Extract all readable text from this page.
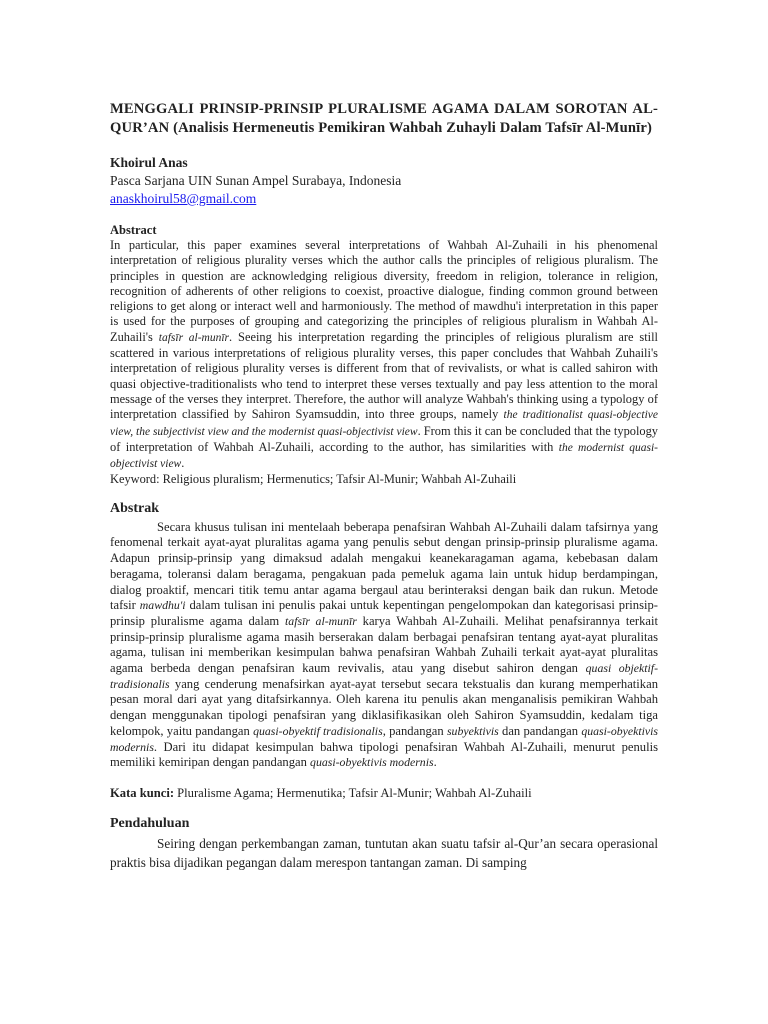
MENGGALI PRINSIP-PRINSIP PLURALISME AGAMA DALAM SOROTAN AL-QUR’AN (Analisis Hermeneutis Pemikiran Wahbah Zuhayli Dalam Tafsīr Al-Munīr)

Khoirul Anas

Pasca Sarjana UIN Sunan Ampel Surabaya, Indonesia

anaskhoirul58@gmail.com

Abstract

In particular, this paper examines several interpretations of Wahbah Al-Zuhaili in his phenomenal interpretation of religious plurality verses which the author calls the principles of religious pluralism. The principles in question are acknowledging religious diversity, freedom in religion, tolerance in religion, recognition of adherents of other religions to coexist, proactive dialogue, finding common ground between religions to get along or interact well and harmoniously. The method of mawdhu'i interpretation in this paper is used for the purposes of grouping and categorizing the principles of religious pluralism in Wahbah Al-Zuhaili's tafsīr al-munīr. Seeing his interpretation regarding the principles of religious pluralism are still scattered in various interpretations of religious plurality verses, this paper concludes that Wahbah Zuhaili's interpretation of religious plurality verses is different from that of revivalists, or what is called sahiron with quasi objective-traditionalists who tend to interpret these verses textually and pay less attention to the moral message of the verses they interpret. Therefore, the author will analyze Wahbah's thinking using a typology of interpretation classified by Sahiron Syamsuddin, into three groups, namely the traditionalist quasi-objective view, the subjectivist view and the modernist quasi-objectivist view. From this it can be concluded that the typology of interpretation of Wahbah Al-Zuhaili, according to the author, has similarities with the modernist quasi-objectivist view.

Keyword: Religious pluralism; Hermenutics; Tafsir Al-Munir; Wahbah Al-Zuhaili

Abstrak

Secara khusus tulisan ini mentelaah beberapa penafsiran Wahbah Al-Zuhaili dalam tafsirnya yang fenomenal terkait ayat-ayat pluralitas agama yang penulis sebut dengan prinsip-prinsip pluralisme agama. Adapun prinsip-prinsip yang dimaksud adalah mengakui keanekaragaman agama, kebebasan dalam beragama, toleransi dalam beragama, pengakuan pada pemeluk agama lain untuk hidup berdampingan, dialog proaktif, mencari titik temu antar agama bergaul atau berinteraksi dengan baik dan rukun. Metode tafsir mawdhu'i dalam tulisan ini penulis pakai untuk kepentingan pengelompokan dan kategorisasi prinsip-prinsip pluralisme agama dalam tafsīr al-munīr karya Wahbah Al-Zuhaili. Melihat penafsirannya terkait prinsip-prinsip pluralisme agama masih berserakan dalam berbagai penafsiran tentang ayat-ayat pluralitas agama, tulisan ini memberikan kesimpulan bahwa penafsiran Wahbah Zuhaili terkait ayat-ayat pluralitas agama berbeda dengan penafsiran kaum revivalis, atau yang disebut sahiron dengan quasi objektif-tradisionalis yang cenderung menafsirkan ayat-ayat tersebut secara tekstualis dan kurang memperhatikan pesan moral dari ayat yang ditafsirkannya. Oleh karena itu penulis akan menganalisis pemikiran Wahbah dengan menggunakan tipologi penafsiran yang diklasifikasikan oleh Sahiron Syamsuddin, kedalam tiga kelompok, yaitu pandangan quasi-obyektif tradisionalis, pandangan subyektivis dan pandangan quasi-obyektivis modernis. Dari itu didapat kesimpulan bahwa tipologi penafsiran Wahbah Al-Zuhaili, menurut penulis memiliki kemiripan dengan pandangan quasi-obyektivis modernis.

Kata kunci: Pluralisme Agama; Hermenutika; Tafsir Al-Munir; Wahbah Al-Zuhaili

Pendahuluan

Seiring dengan perkembangan zaman, tuntutan akan suatu tafsir al-Qur’an secara operasional praktis bisa dijadikan pegangan dalam merespon tantangan zaman. Di samping
